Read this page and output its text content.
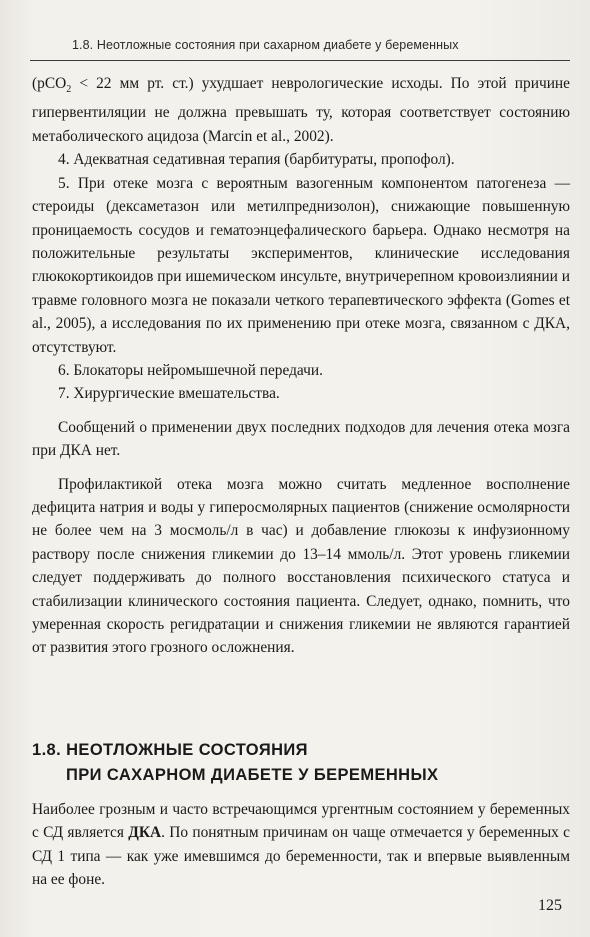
1.8. Неотложные состояния при сахарном диабете у беременных

(pCO$_2$ < 22 мм рт. ст.) ухудшает неврологические исходы. По этой причине гипервентиляции не должна превышать ту, которая соответствует состоянию метаболического ацидоза (Marcin et al., 2002).

4. Адекватная седативная терапия (барбитураты, пропофол).

5. При отеке мозга с вероятным вазогенным компонентом патогенеза — стероиды (дексаметазон или метилпреднизолон), снижающие повышенную проницаемость сосудов и гематоэнцефалического барьера. Однако несмотря на положительные результаты экспериментов, клинические исследования глюкокортикоидов при ишемическом инсульте, внутричерепном кровоизлиянии и травме головного мозга не показали четкого терапевтического эффекта (Gomes et al., 2005), а исследования по их применению при отеке мозга, связанном с ДКА, отсутствуют.

6. Блокаторы нейромышечной передачи.

7. Хирургические вмешательства.

Сообщений о применении двух последних подходов для лечения отека мозга при ДКА нет.

Профилактикой отека мозга можно считать медленное восполнение дефицита натрия и воды у гиперосмолярных пациентов (снижение осмолярности не более чем на 3 мосмоль/л в час) и добавление глюкозы к инфузионному раствору после снижения гликемии до 13–14 ммоль/л. Этот уровень гликемии следует поддерживать до полного восстановления психического статуса и стабилизации клинического состояния пациента. Следует, однако, помнить, что умеренная скорость регидратации и снижения гликемии не являются гарантией от развития этого грозного осложнения.

1.8. НЕОТЛОЖНЫЕ СОСТОЯНИЯ
ПРИ САХАРНОМ ДИАБЕТЕ У БЕРЕМЕННЫХ

Наиболее грозным и часто встречающимся ургентным состоянием у беременных с СД является ДКА. По понятным причинам он чаще отмечается у беременных с СД 1 типа — как уже имевшимся до беременности, так и впервые выявленным на ее фоне.

125
